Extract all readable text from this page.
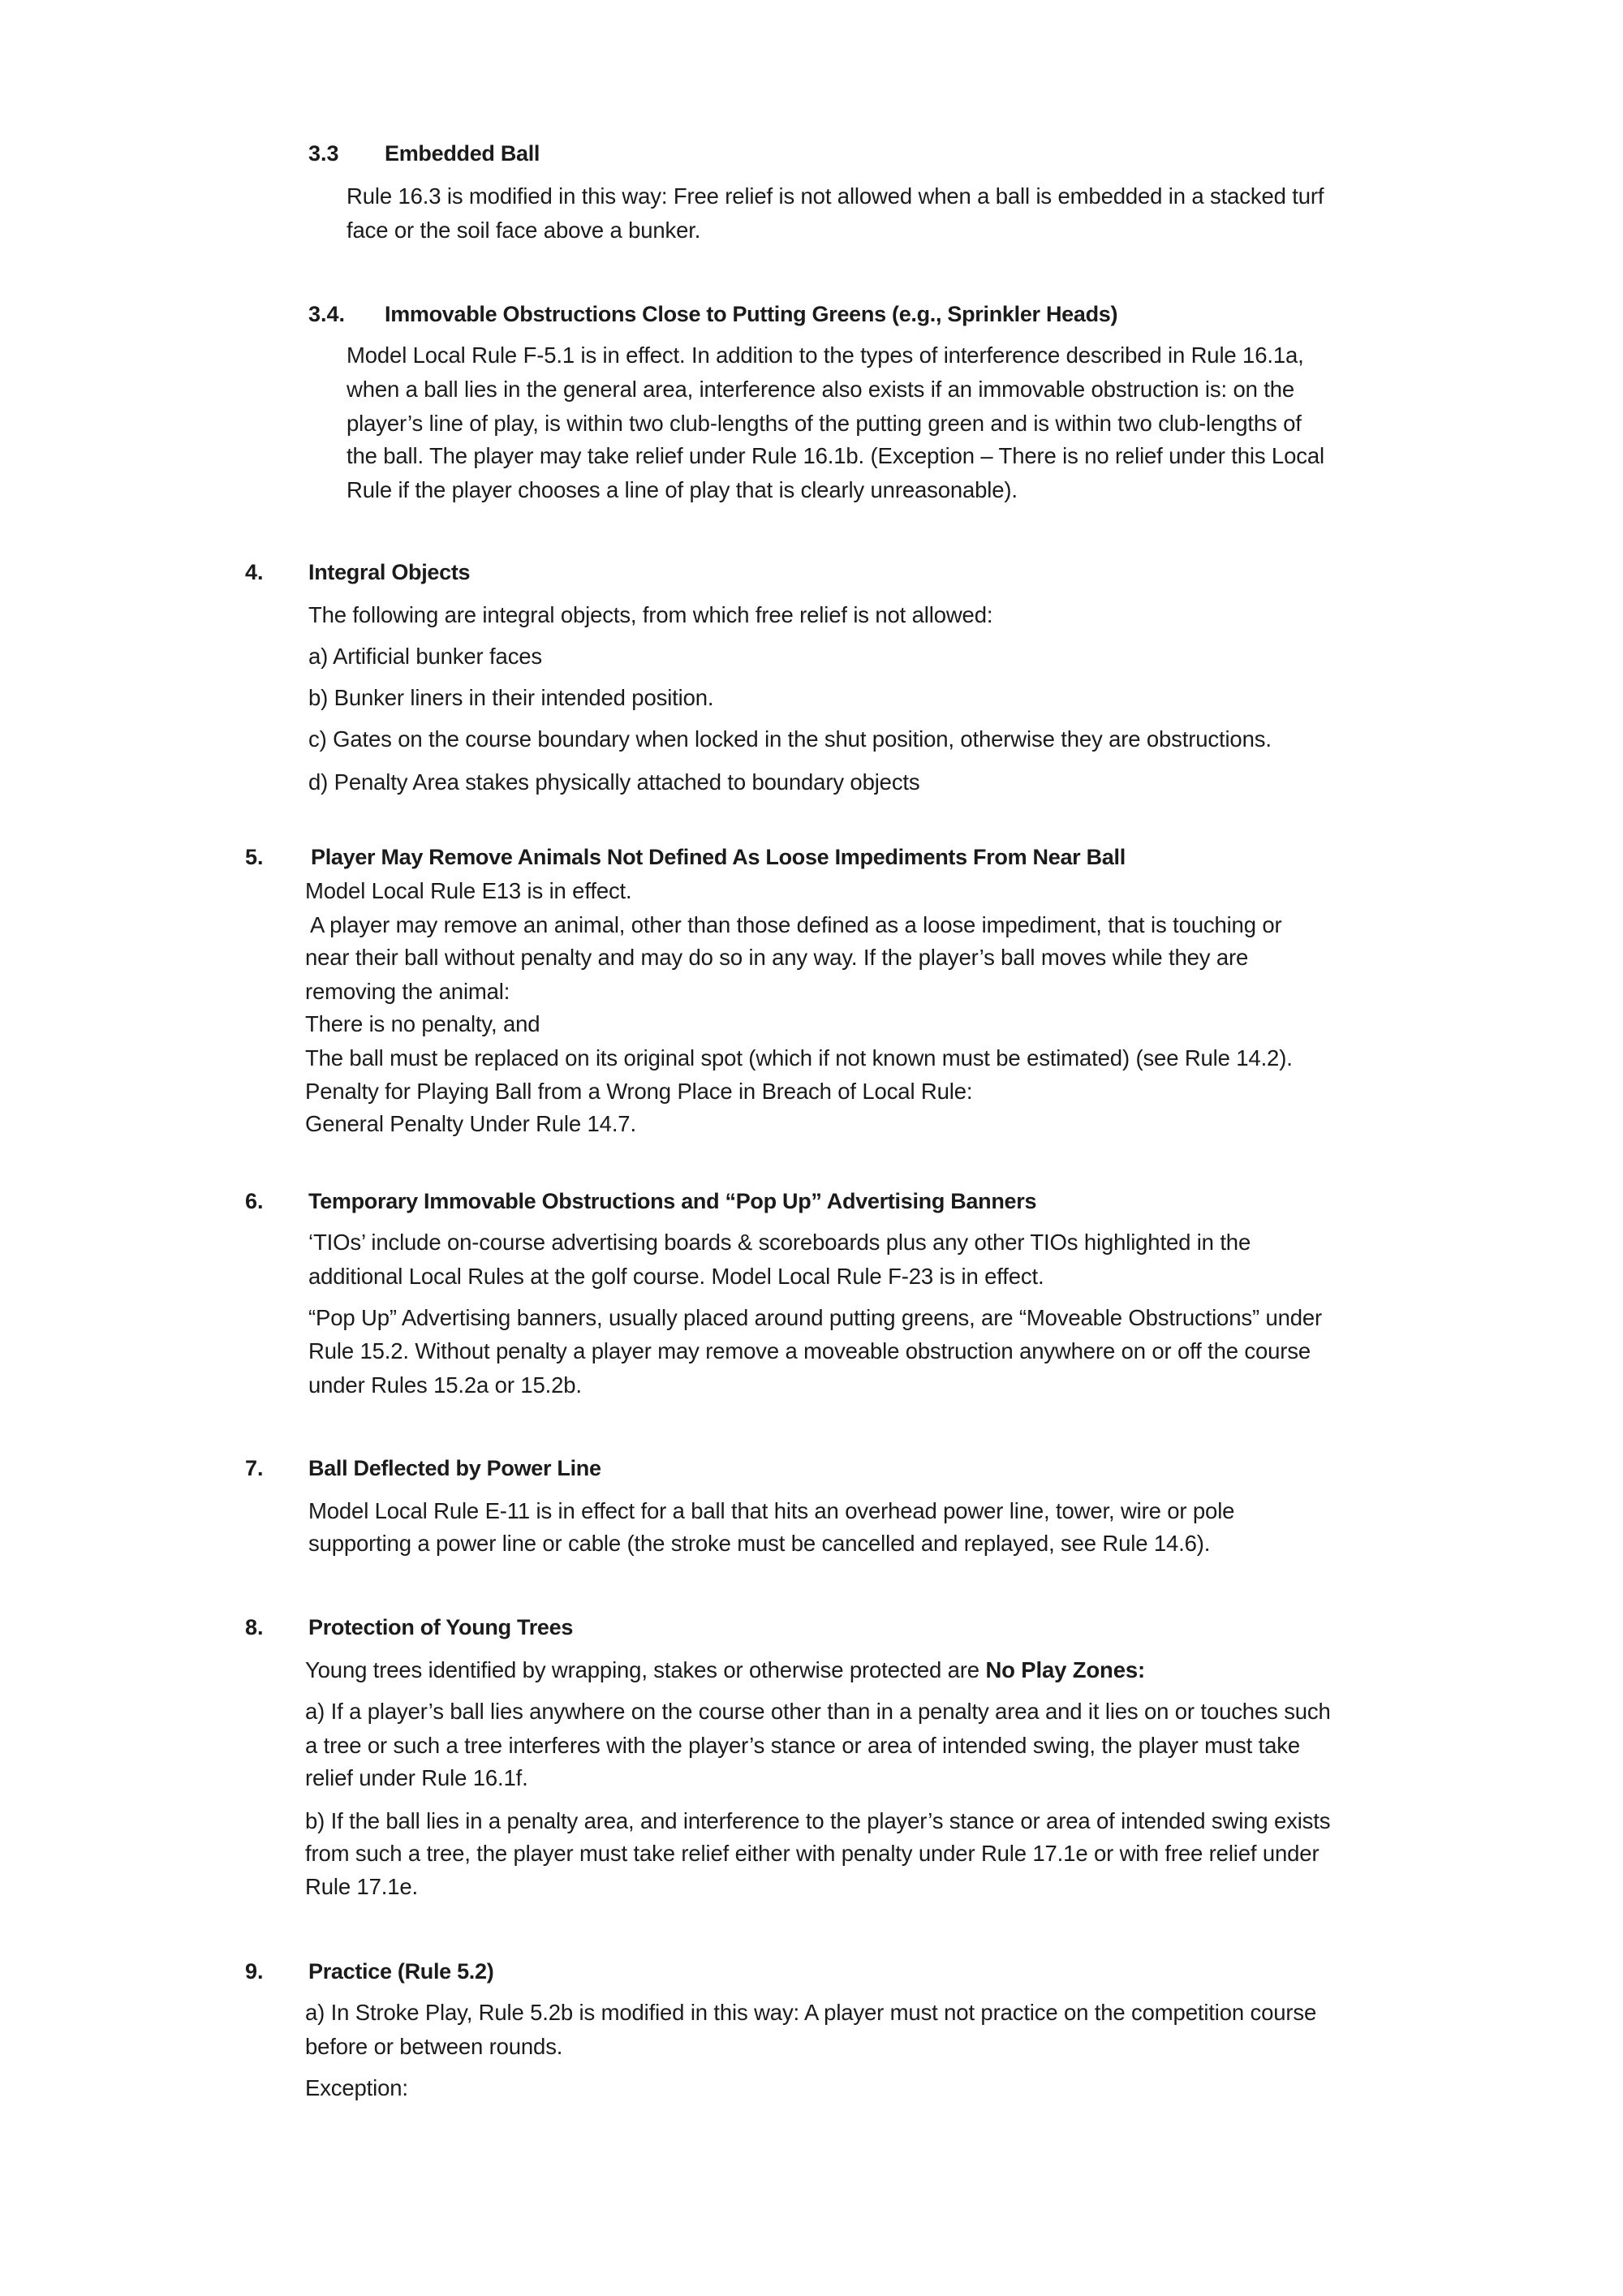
3.3 Embedded Ball
Rule 16.3 is modified in this way: Free relief is not allowed when a ball is embedded in a stacked turf
face or the soil face above a bunker.
3.4. Immovable Obstructions Close to Putting Greens (e.g., Sprinkler Heads)
Model Local Rule F-5.1 is in effect. In addition to the types of interference described in Rule 16.1a,
when a ball lies in the general area, interference also exists if an immovable obstruction is: on the
player’s line of play, is within two club-lengths of the putting green and is within two club-lengths of
the ball. The player may take relief under Rule 16.1b. (Exception – There is no relief under this Local
Rule if the player chooses a line of play that is clearly unreasonable).
4. Integral Objects
The following are integral objects, from which free relief is not allowed:
a) Artificial bunker faces
b) Bunker liners in their intended position.
c) Gates on the course boundary when locked in the shut position, otherwise they are obstructions.
d) Penalty Area stakes physically attached to boundary objects
5. Player May Remove Animals Not Defined As Loose Impediments From Near Ball
Model Local Rule E13 is in effect.
A player may remove an animal, other than those defined as a loose impediment, that is touching or
near their ball without penalty and may do so in any way. If the player’s ball moves while they are
removing the animal:
There is no penalty, and
The ball must be replaced on its original spot (which if not known must be estimated) (see Rule 14.2).
Penalty for Playing Ball from a Wrong Place in Breach of Local Rule:
General Penalty Under Rule 14.7.
6. Temporary Immovable Obstructions and “Pop Up” Advertising Banners
‘TIOs’ include on-course advertising boards & scoreboards plus any other TIOs highlighted in the
additional Local Rules at the golf course. Model Local Rule F-23 is in effect.
“Pop Up” Advertising banners, usually placed around putting greens, are “Moveable Obstructions” under
Rule 15.2. Without penalty a player may remove a moveable obstruction anywhere on or off the course
under Rules 15.2a or 15.2b.
7. Ball Deflected by Power Line
Model Local Rule E-11 is in effect for a ball that hits an overhead power line, tower, wire or pole
supporting a power line or cable (the stroke must be cancelled and replayed, see Rule 14.6).
8. Protection of Young Trees
Young trees identified by wrapping, stakes or otherwise protected are No Play Zones:
a) If a player’s ball lies anywhere on the course other than in a penalty area and it lies on or touches such
a tree or such a tree interferes with the player’s stance or area of intended swing, the player must take
relief under Rule 16.1f.
b) If the ball lies in a penalty area, and interference to the player’s stance or area of intended swing exists
from such a tree, the player must take relief either with penalty under Rule 17.1e or with free relief under
Rule 17.1e.
9. Practice (Rule 5.2)
a) In Stroke Play, Rule 5.2b is modified in this way: A player must not practice on the competition course
before or between rounds.
Exception:
